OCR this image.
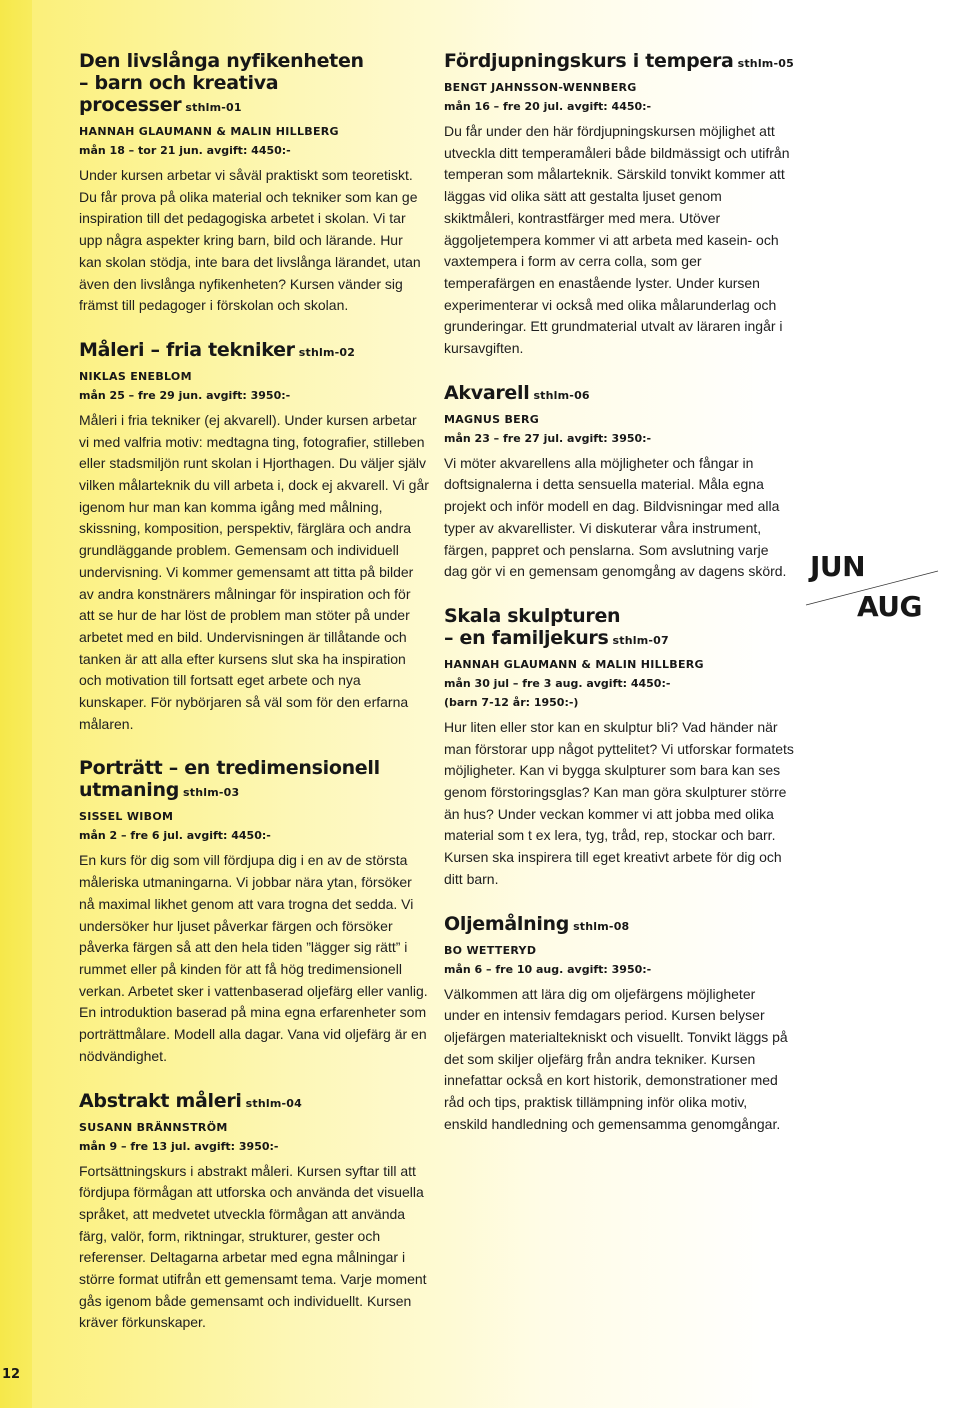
Den livslånga nyfikenheten
– barn och kreativa
processer sthlm-01
HANNAH GLAUMANN & MALIN HILLBERG
mån 18 – tor 21 jun. avgift: 4450:-

Under kursen arbetar vi såväl praktiskt som teoretiskt. Du får prova på olika material och tekniker som kan ge inspiration till det pedagogiska arbetet i skolan. Vi tar upp några aspekter kring barn, bild och lärande. Hur kan skolan stödja, inte bara det livslånga lärandet, utan även den livslånga nyfikenheten? Kursen vänder sig främst till pedagoger i förskolan och skolan.

Måleri – fria tekniker sthlm-02
NIKLAS ENEBLOM
mån 25 – fre 29 jun. avgift: 3950:-

Måleri i fria tekniker (ej akvarell). Under kursen arbetar vi med valfria motiv: medtagna ting, fotografier, stilleben eller stadsmiljön runt skolan i Hjorthagen. Du väljer själv vilken målarteknik du vill arbeta i, dock ej akvarell. Vi går igenom hur man kan komma igång med målning, skissning, komposition, perspektiv, färglära och andra grundläggande problem. Gemensam och individuell undervisning. Vi kommer gemensamt att titta på bilder av andra konstnärers målningar för inspiration och för att se hur de har löst de problem man stöter på under arbetet med en bild. Undervisningen är tillåtande och tanken är att alla efter kursens slut ska ha inspiration och motivation till fortsatt eget arbete och nya kunskaper. För nybörjaren så väl som för den erfarna målaren.

Porträtt – en tredimensionell
utmaning sthlm-03
SISSEL WIBOM
mån 2 – fre 6 jul. avgift: 4450:-

En kurs för dig som vill fördjupa dig i en av de största måleriska utmaningarna. Vi jobbar nära ytan, försöker nå maximal likhet genom att vara trogna det sedda. Vi undersöker hur ljuset påverkar färgen och försöker påverka färgen så att den hela tiden ”lägger sig rätt” i rummet eller på kinden för att få hög tredimensionell verkan. Arbetet sker i vattenbaserad oljefärg eller vanlig. En introduktion baserad på mina egna erfarenheter som porträttmålare. Modell alla dagar. Vana vid oljefärg är en nödvändighet.

Abstrakt måleri sthlm-04
SUSANN BRÄNNSTRÖM
mån 9 – fre 13 jul. avgift: 3950:-

Fortsättningskurs i abstrakt måleri. Kursen syftar till att fördjupa förmågan att utforska och använda det visuella språket, att medvetet utveckla förmågan att använda färg, valör, form, riktningar, strukturer, gester och referenser. Deltagarna arbetar med egna målningar i större format utifrån ett gemensamt tema. Varje moment gås igenom både gemensamt och individuellt. Kursen kräver förkunskaper.

Fördjupningskurs i tempera sthlm-05
BENGT JAHNSSON-WENNBERG
mån 16 – fre 20 jul. avgift: 4450:-

Du får under den här fördjupningskursen möjlighet att utveckla ditt temperamåleri både bildmässigt och utifrån temperan som målarteknik. Särskild tonvikt kommer att läggas vid olika sätt att gestalta ljuset genom skiktmåleri, kontrastfärger med mera. Utöver äggoljetempera kommer vi att arbeta med kasein- och vaxtempera i form av cerra colla, som ger temperafärgen en enastående lyster. Under kursen experimenterar vi också med olika målarunderlag och grunderingar. Ett grundmaterial utvalt av läraren ingår i kursavgiften.

Akvarell sthlm-06
MAGNUS BERG
mån 23 – fre 27 jul. avgift: 3950:-

Vi möter akvarellens alla möjligheter och fångar in doftsignalerna i detta sensuella material. Måla egna projekt och inför modell en dag. Bildvisningar med alla typer av akvarellister. Vi diskuterar våra instrument, färgen, pappret och penslarna. Som avslutning varje dag gör vi en gemensam genomgång av dagens skörd.

Skala skulpturen
– en familjekurs sthlm-07
HANNAH GLAUMANN & MALIN HILLBERG
mån 30 jul – fre 3 aug. avgift: 4450:-
(barn 7-12 år: 1950:-)

Hur liten eller stor kan en skulptur bli? Vad händer när man förstorar upp något pyttelitet? Vi utforskar formatets möjligheter. Kan vi bygga skulpturer som bara kan ses genom förstoringsglas? Kan man göra skulpturer större än hus? Under veckan kommer vi att jobba med olika material som t ex lera, tyg, tråd, rep, stockar och barr. Kursen ska inspirera till eget kreativt arbete för dig och ditt barn.

Oljemålning sthlm-08
BO WETTERYD
mån 6 – fre 10 aug. avgift: 3950:-

Välkommen att lära dig om oljefärgens möjligheter under en intensiv femdagars period. Kursen belyser oljefärgen materialtekniskt och visuellt. Tonvikt läggs på det som skiljer oljefärg från andra tekniker. Kursen innefattar också en kort historik, demonstrationer med råd och tips, praktisk tillämpning inför olika motiv, enskild handledning och gemensamma genomgångar.

JUN
AUG
12
